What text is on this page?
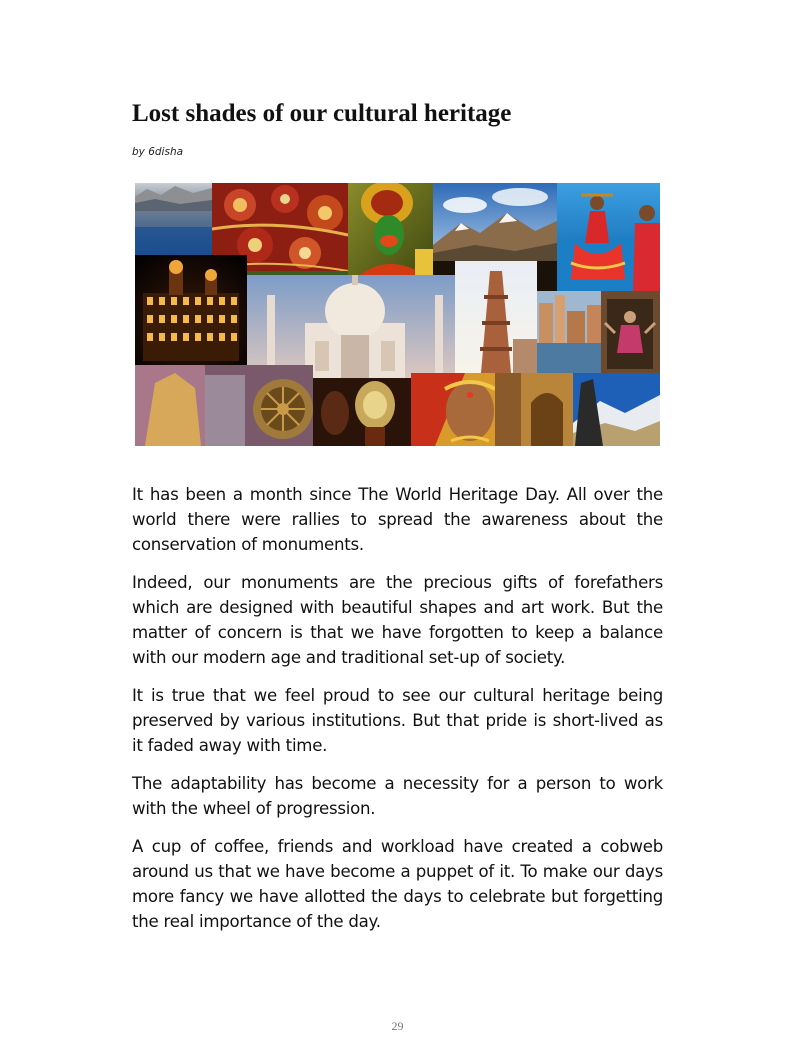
Lost shades of our cultural heritage
by 6disha

It has been a month since The World Heritage Day. All over the world there were rallies to spread the awareness about the conservation of monuments.

Indeed, our monuments are the precious gifts of forefathers which are designed with beautiful shapes and art work. But the matter of concern is that we have forgotten to keep a balance with our modern age and traditional set-up of society.

It is true that we feel proud to see our cultural heritage being preserved by various institutions. But that pride is short-lived as it faded away with time.

The adaptability has become a necessity for a person to work with the wheel of progression.

A cup of coffee, friends and workload have created a cobweb around us that we have become a puppet of it. To make our days more fancy we have allotted the days to celebrate but forgetting the real importance of the day.

29
